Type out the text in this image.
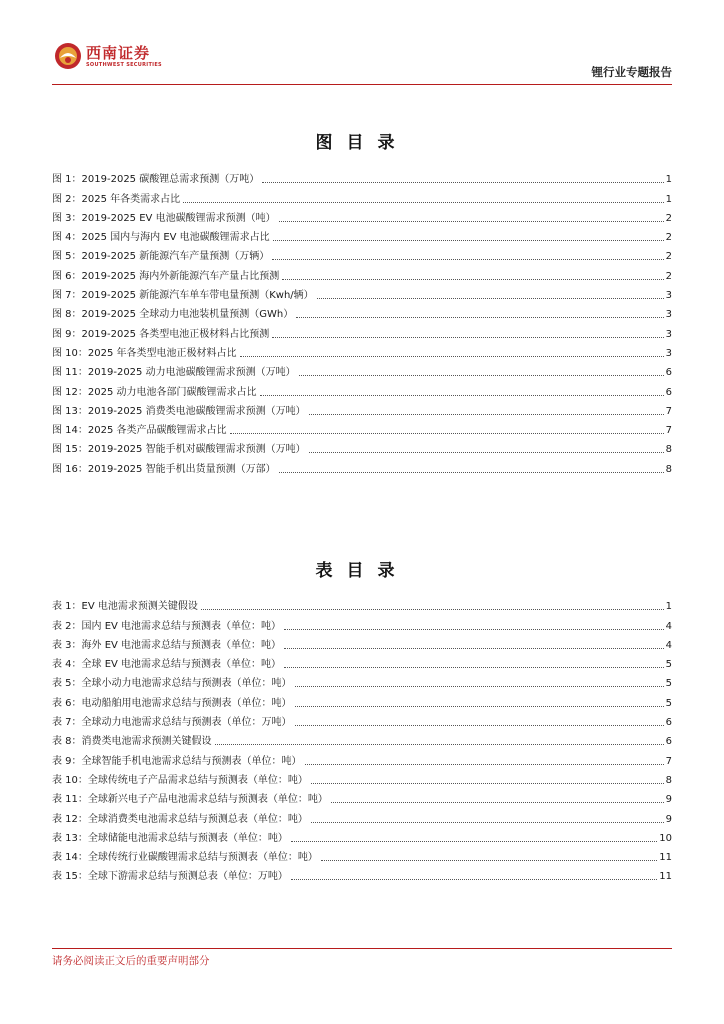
西南证券
SOUTHWEST SECURITIES	锂行业专题报告
图目录
图 1：2019-2025 碳酸锂总需求预测（万吨）	1
图 2：2025 年各类需求占比	1
图 3：2019-2025 EV 电池碳酸锂需求预测（吨）	2
图 4：2025 国内与海内 EV 电池碳酸锂需求占比	2
图 5：2019-2025 新能源汽车产量预测（万辆）	2
图 6：2019-2025 海内外新能源汽车产量占比预测	2
图 7：2019-2025 新能源汽车单车带电量预测（Kwh/辆）	3
图 8：2019-2025 全球动力电池装机量预测（GWh）	3
图 9：2019-2025 各类型电池正极材料占比预测	3
图 10：2025 年各类型电池正极材料占比	3
图 11：2019-2025 动力电池碳酸锂需求预测（万吨）	6
图 12：2025 动力电池各部门碳酸锂需求占比	6
图 13：2019-2025 消费类电池碳酸锂需求预测（万吨）	7
图 14：2025 各类产品碳酸锂需求占比	7
图 15：2019-2025 智能手机对碳酸锂需求预测（万吨）	8
图 16：2019-2025 智能手机出货量预测（万部）	8
表目录
表 1：EV 电池需求预测关键假设	1
表 2：国内 EV 电池需求总结与预测表（单位：吨）	4
表 3：海外 EV 电池需求总结与预测表（单位：吨）	4
表 4：全球 EV 电池需求总结与预测表（单位：吨）	5
表 5：全球小动力电池需求总结与预测表（单位：吨）	5
表 6：电动船舶用电池需求总结与预测表（单位：吨）	5
表 7：全球动力电池需求总结与预测表（单位：万吨）	6
表 8：消费类电池需求预测关键假设	6
表 9：全球智能手机电池需求总结与预测表（单位：吨）	7
表 10：全球传统电子产品需求总结与预测表（单位：吨）	8
表 11：全球新兴电子产品电池需求总结与预测表（单位：吨）	9
表 12：全球消费类电池需求总结与预测总表（单位：吨）	9
表 13：全球储能电池需求总结与预测表（单位：吨）	10
表 14：全球传统行业碳酸锂需求总结与预测表（单位：吨）	11
表 15：全球下游需求总结与预测总表（单位：万吨）	11
请务必阅读正文后的重要声明部分
